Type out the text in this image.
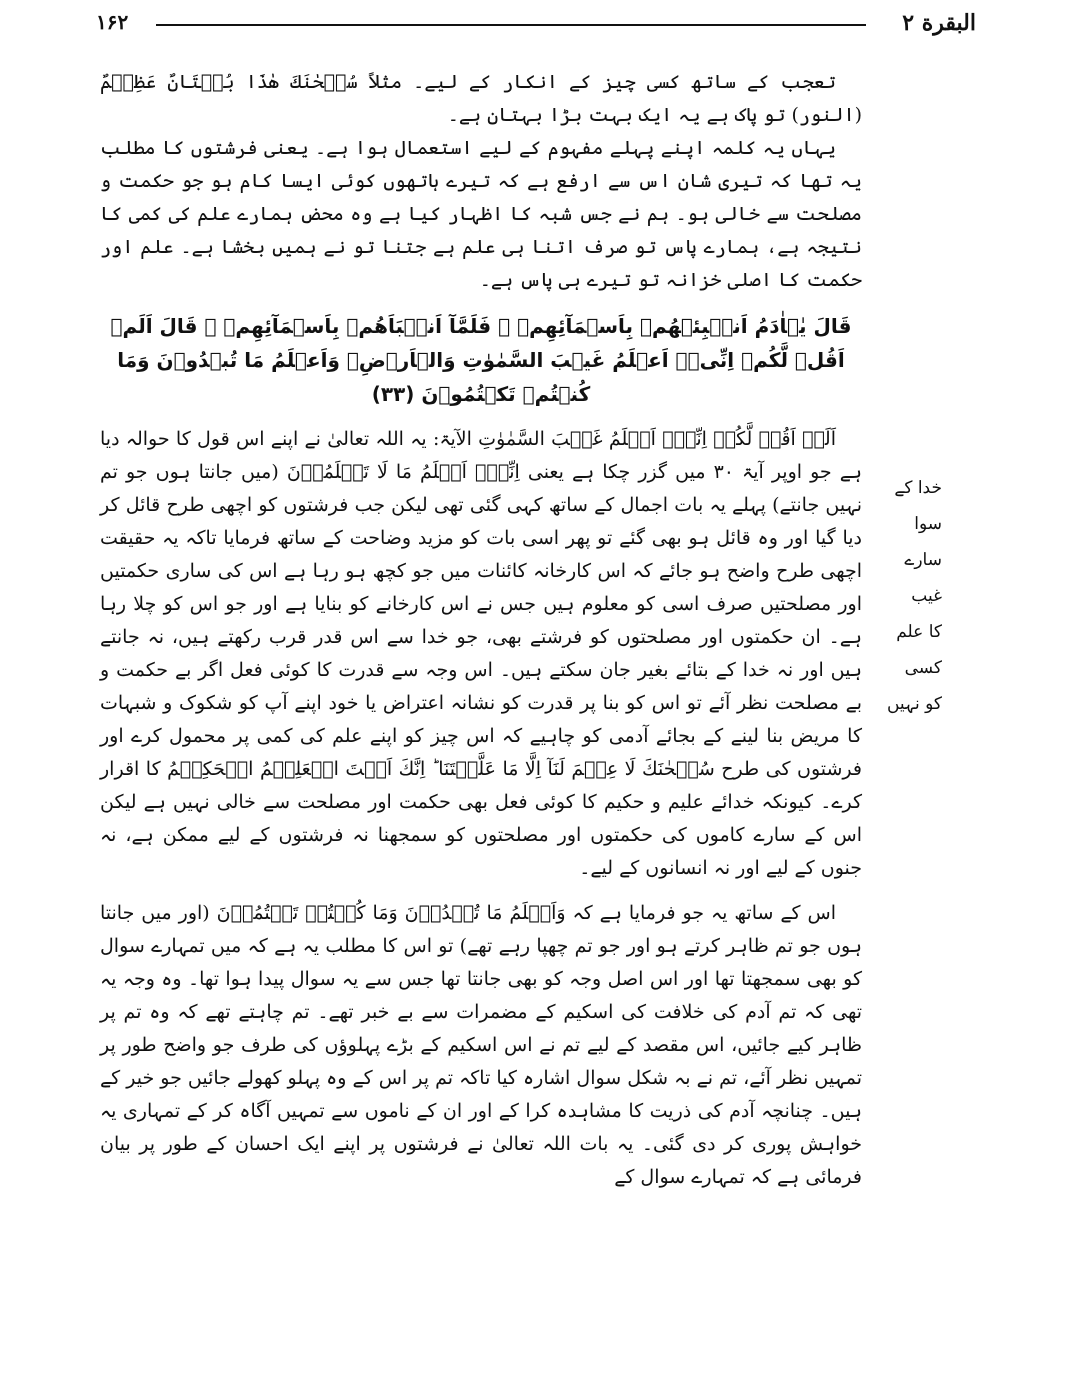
البقرة ٢
۱۶۲

تعجب کے ساتھ کسی چیز کے انکار کے لیے۔ مثلاً سُبۡحٰنَكَ هٰذَا بُهۡتَانٌ عَظِيۡمٌ (النور) تو پاک ہے یہ ایک بہت بڑا بہتان ہے۔

یہاں یہ کلمہ اپنے پہلے مفہوم کے لیے استعمال ہوا ہے۔ یعنی فرشتوں کا مطلب یہ تھا کہ تیری شان اس سے ارفع ہے کہ تیرے ہاتھوں کوئی ایسا کام ہو جو حکمت و مصلحت سے خالی ہو۔ ہم نے جس شبہ کا اظہار کیا ہے وہ محض ہمارے علم کی کمی کا نتیجہ ہے، ہمارے پاس تو صرف اتنا ہی علم ہے جتنا تو نے ہمیں بخشا ہے۔ علم اور حکمت کا اصلی خزانہ تو تیرے ہی پاس ہے۔

قَالَ يٰۤاٰدَمُ اَنۡۢبِئۡهُمۡ بِاَسۡمَآئِهِمۡ ۚ فَلَمَّآ اَنۡۢبَاَهُمۡ بِاَسۡمَآئِهِمۡ ۙ قَالَ اَلَمۡ اَقُلۡ لَّكُمۡ اِنِّىۡۤ اَعۡلَمُ غَيۡبَ السَّمٰوٰتِ وَالۡاَرۡضِۙ وَاَعۡلَمُ مَا تُبۡدُوۡنَ وَمَا كُنۡتُمۡ تَكۡتُمُوۡنَ (۳۳)

اَلَمۡ اَقُلۡ لَّكُمۡ اِنِّىۡۤ اَعۡلَمُ غَيۡبَ السَّمٰوٰتِ الآیۃ: یہ اللہ تعالیٰ نے اپنے اس قول کا حوالہ دیا ہے جو اوپر آیۃ ۳۰ میں گزر چکا ہے یعنی اِنِّىۡۤ اَعۡلَمُ مَا لَا تَعۡلَمُوۡنَ (میں جانتا ہوں جو تم نہیں جانتے) پہلے یہ بات اجمال کے ساتھ کہی گئی تھی لیکن جب فرشتوں کو اچھی طرح قائل کر دیا گیا اور وہ قائل ہو بھی گئے تو پھر اسی بات کو مزید وضاحت کے ساتھ فرمایا تاکہ یہ حقیقت اچھی طرح واضح ہو جائے کہ اس کارخانہ کائنات میں جو کچھ ہو رہا ہے اس کی ساری حکمتیں اور مصلحتیں صرف اسی کو معلوم ہیں جس نے اس کارخانے کو بنایا ہے اور جو اس کو چلا رہا ہے۔ ان حکمتوں اور مصلحتوں کو فرشتے بھی، جو خدا سے اس قدر قرب رکھتے ہیں، نہ جانتے ہیں اور نہ خدا کے بتائے بغیر جان سکتے ہیں۔ اس وجہ سے قدرت کا کوئی فعل اگر بے حکمت و بے مصلحت نظر آئے تو اس کو بنا پر قدرت کو نشانہ اعتراض یا خود اپنے آپ کو شکوک و شبہات کا مریض بنا لینے کے بجائے آدمی کو چاہیے کہ اس چیز کو اپنے علم کی کمی پر محمول کرے اور فرشتوں کی طرح سُبۡحٰنَكَ لَا عِلۡمَ لَنَآ اِلَّا مَا عَلَّمۡتَنَا ؕ اِنَّكَ اَنۡتَ الۡعَلِيۡمُ الۡحَكِيۡمُ کا اقرار کرے۔ کیونکہ خدائے علیم و حکیم کا کوئی فعل بھی حکمت اور مصلحت سے خالی نہیں ہے لیکن اس کے سارے کاموں کی حکمتوں اور مصلحتوں کو سمجھنا نہ فرشتوں کے لیے ممکن ہے، نہ جنوں کے لیے اور نہ انسانوں کے لیے۔

اس کے ساتھ یہ جو فرمایا ہے کہ وَاَعۡلَمُ مَا تُبۡدُوۡنَ وَمَا كُنۡتُمۡ تَكۡتُمُوۡنَ (اور میں جانتا ہوں جو تم ظاہر کرتے ہو اور جو تم چھپا رہے تھے) تو اس کا مطلب یہ ہے کہ میں تمہارے سوال کو بھی سمجھتا تھا اور اس اصل وجہ کو بھی جانتا تھا جس سے یہ سوال پیدا ہوا تھا۔ وہ وجہ یہ تھی کہ تم آدم کی خلافت کی اسکیم کے مضمرات سے بے خبر تھے۔ تم چاہتے تھے کہ وہ تم پر ظاہر کیے جائیں، اس مقصد کے لیے تم نے اس اسکیم کے بڑے پہلوؤں کی طرف جو واضح طور پر تمہیں نظر آئے، تم نے بہ شکل سوال اشارہ کیا تاکہ تم پر اس کے وہ پہلو کھولے جائیں جو خیر کے ہیں۔ چنانچہ آدم کی ذریت کا مشاہدہ کرا کے اور ان کے ناموں سے تمہیں آگاہ کر کے تمہاری یہ خواہش پوری کر دی گئی۔ یہ بات اللہ تعالیٰ نے فرشتوں پر اپنے ایک احسان کے طور پر بیان فرمائی ہے کہ تمہارے سوال کے

خدا کے سوا
سارے غیب
کا علم کسی
کو نہیں
